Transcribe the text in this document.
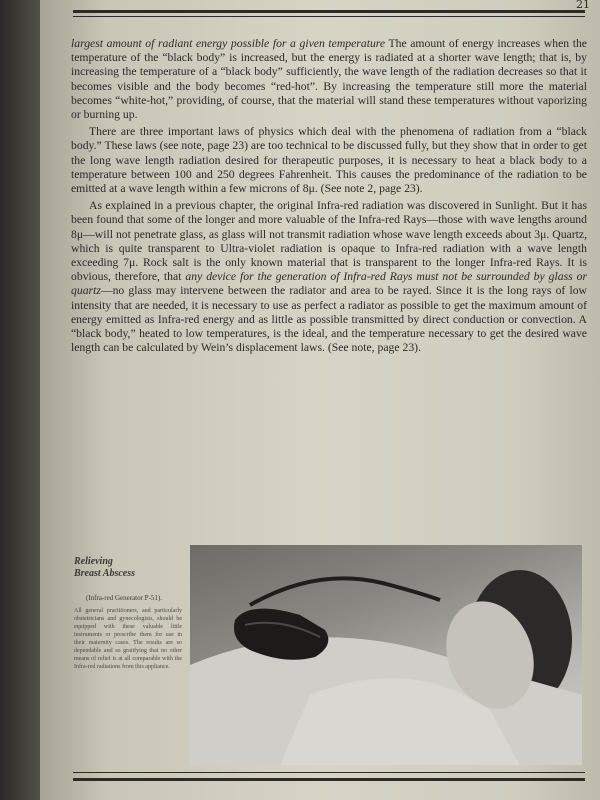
21

largest amount of radiant energy possible for a given temperature The amount of energy increases when the temperature of the “black body” is increased, but the energy is radiated at a shorter wave length; that is, by increasing the temperature of a “black body” sufficiently, the wave length of the radiation decreases so that it becomes visible and the body becomes “red-hot”. By increasing the temperature still more the material becomes “white-hot,” providing, of course, that the material will stand these temperatures without vaporizing or burning up.

There are three important laws of physics which deal with the phenomena of radiation from a “black body.” These laws (see note, page 23) are too technical to be discussed fully, but they show that in order to get the long wave length radiation desired for therapeutic purposes, it is necessary to heat a black body to a temperature between 100 and 250 degrees Fahrenheit. This causes the predominance of the radiation to be emitted at a wave length within a few microns of 8μ. (See note 2, page 23).

As explained in a previous chapter, the original Infra-red radiation was discovered in Sunlight. But it has been found that some of the longer and more valuable of the Infra-red Rays—those with wave lengths around 8μ—will not penetrate glass, as glass will not transmit radiation whose wave length exceeds about 3μ. Quartz, which is quite transparent to Ultra-violet radiation is opaque to Infra-red radiation with a wave length exceeding 7μ. Rock salt is the only known material that is transparent to the longer Infra-red Rays. It is obvious, therefore, that any device for the generation of Infra-red Rays must not be surrounded by glass or quartz—no glass may intervene between the radiator and area to be rayed. Since it is the long rays of low intensity that are needed, it is necessary to use as perfect a radiator as possible to get the maximum amount of energy emitted as Infra-red energy and as little as possible transmitted by direct conduction or convection. A “black body,” heated to low temperatures, is the ideal, and the temperature necessary to get the desired wave length can be calculated by Wein’s displacement laws. (See note, page 23).

Relieving

Breast Abscess

(Infra-red Generator P-51).

All general practitioners, and particularly obstetricians and gynecologists, should be equipped with these valuable little instruments or prescribe them for use in their maternity cases. The results are so dependable and so gratifying that no other means of relief is at all comparable with the Infra-red radiations from this appliance.
